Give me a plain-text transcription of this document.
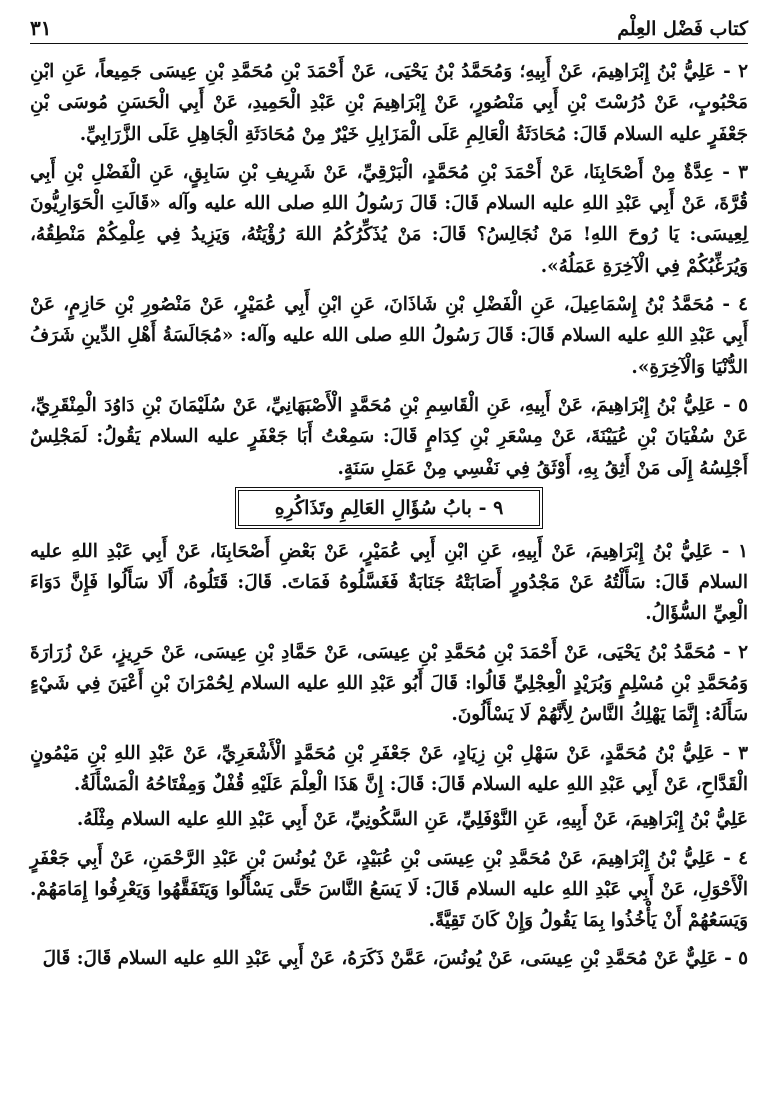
كتاب فَضْل العِلْم
٣١

٢ - عَلِيُّ بْنُ إِبْرَاهِيمَ، عَنْ أَبِيهِ؛ وَمُحَمَّدُ بْنُ يَحْيَى، عَنْ أَحْمَدَ بْنِ مُحَمَّدِ بْنِ عِيسَى جَمِيعاً، عَنِ ابْنِ مَحْبُوبٍ، عَنْ دُرُسْتَ بْنِ أَبِي مَنْصُورٍ، عَنْ إِبْرَاهِيمَ بْنِ عَبْدِ الْحَمِيدِ، عَنْ أَبِي الْحَسَنِ مُوسَى بْنِ جَعْفَرٍ عليه السلام قَالَ: مُحَادَثَةُ الْعَالِمِ عَلَى الْمَزَابِلِ خَيْرٌ مِنْ مُحَادَثَةِ الْجَاهِلِ عَلَى الزَّرَابِيِّ.

٣ - عِدَّةٌ مِنْ أَصْحَابِنَا، عَنْ أَحْمَدَ بْنِ مُحَمَّدٍ، الْبَرْقِيِّ، عَنْ شَرِيفِ بْنِ سَابِقٍ، عَنِ الْفَضْلِ بْنِ أَبِي قُرَّةَ، عَنْ أَبِي عَبْدِ اللهِ عليه السلام قَالَ: قَالَ رَسُولُ اللهِ صلى الله عليه وآله «قَالَتِ الْحَوَارِيُّونَ لِعِيسَى: يَا رُوحَ اللهِ! مَنْ نُجَالِسُ؟ قَالَ: مَنْ يُذَكِّرُكُمُ اللهَ رُؤْيَتُهُ، وَيَزِيدُ فِي عِلْمِكُمْ مَنْطِقُهُ، وَيُرَغِّبُكُمْ فِي الْآخِرَةِ عَمَلُهُ».

٤ - مُحَمَّدُ بْنُ إِسْمَاعِيلَ، عَنِ الْفَضْلِ بْنِ شَاذَانَ، عَنِ ابْنِ أَبِي عُمَيْرٍ، عَنْ مَنْصُورِ بْنِ حَازِمٍ، عَنْ أَبِي عَبْدِ اللهِ عليه السلام قَالَ: قَالَ رَسُولُ اللهِ صلى الله عليه وآله: «مُجَالَسَةُ أَهْلِ الدِّينِ شَرَفُ الدُّنْيَا وَالْآخِرَةِ».

٥ - عَلِيُّ بْنُ إِبْرَاهِيمَ، عَنْ أَبِيهِ، عَنِ الْقَاسِمِ بْنِ مُحَمَّدٍ الْأَصْبَهَانِيِّ، عَنْ سُلَيْمَانَ بْنِ دَاوُدَ الْمِنْقَرِيِّ، عَنْ سُفْيَانَ بْنِ عُيَيْنَةَ، عَنْ مِسْعَرِ بْنِ كِدَامٍ قَالَ: سَمِعْتُ أَبَا جَعْفَرٍ عليه السلام يَقُولُ: لَمَجْلِسٌ أَجْلِسُهُ إِلَى مَنْ أَثِقُ بِهِ، أَوْثَقُ فِي نَفْسِي مِنْ عَمَلِ سَنَةٍ.

٩ - بابُ سُؤَالِ العَالِمِ وتَذَاكُرِهِ

١ - عَلِيُّ بْنُ إِبْرَاهِيمَ، عَنْ أَبِيهِ، عَنِ ابْنِ أَبِي عُمَيْرٍ، عَنْ بَعْضِ أَصْحَابِنَا، عَنْ أَبِي عَبْدِ اللهِ عليه السلام قَالَ: سَأَلْتُهُ عَنْ مَجْدُورٍ أَصَابَتْهُ جَنَابَةٌ فَغَسَّلُوهُ فَمَاتَ. قَالَ: قَتَلُوهُ، أَلَا سَأَلُوا فَإِنَّ دَوَاءَ الْعِيِّ السُّؤَالُ.

٢ - مُحَمَّدُ بْنُ يَحْيَى، عَنْ أَحْمَدَ بْنِ مُحَمَّدِ بْنِ عِيسَى، عَنْ حَمَّادِ بْنِ عِيسَى، عَنْ حَرِيزٍ، عَنْ زُرَارَةَ وَمُحَمَّدِ بْنِ مُسْلِمٍ وَبُرَيْدٍ الْعِجْلِيِّ قَالُوا: قَالَ أَبُو عَبْدِ اللهِ عليه السلام لِحُمْرَانَ بْنِ أَعْيَنَ فِي شَيْءٍ سَأَلَهُ: إِنَّمَا يَهْلِكُ النَّاسُ لِأَنَّهُمْ لَا يَسْأَلُونَ.

٣ - عَلِيُّ بْنُ مُحَمَّدٍ، عَنْ سَهْلِ بْنِ زِيَادٍ، عَنْ جَعْفَرِ بْنِ مُحَمَّدٍ الْأَشْعَرِيِّ، عَنْ عَبْدِ اللهِ بْنِ مَيْمُونٍ الْقَدَّاحِ، عَنْ أَبِي عَبْدِ اللهِ عليه السلام قَالَ: قَالَ: إِنَّ هَذَا الْعِلْمَ عَلَيْهِ قُفْلٌ وَمِفْتَاحُهُ الْمَسْأَلَةُ.

عَلِيُّ بْنُ إِبْرَاهِيمَ، عَنْ أَبِيهِ، عَنِ النَّوْفَلِيِّ، عَنِ السَّكُونِيِّ، عَنْ أَبِي عَبْدِ اللهِ عليه السلام مِثْلَهُ.

٤ - عَلِيُّ بْنُ إِبْرَاهِيمَ، عَنْ مُحَمَّدِ بْنِ عِيسَى بْنِ عُبَيْدٍ، عَنْ يُونُسَ بْنِ عَبْدِ الرَّحْمَنِ، عَنْ أَبِي جَعْفَرٍ الْأَحْوَلِ، عَنْ أَبِي عَبْدِ اللهِ عليه السلام قَالَ: لَا يَسَعُ النَّاسَ حَتَّى يَسْأَلُوا وَيَتَفَقَّهُوا وَيَعْرِفُوا إِمَامَهُمْ. وَيَسَعُهُمْ أَنْ يَأْخُذُوا بِمَا يَقُولُ وَإِنْ كَانَ تَقِيَّةً.

٥ - عَلِيٌّ عَنْ مُحَمَّدِ بْنِ عِيسَى، عَنْ يُونُسَ، عَمَّنْ ذَكَرَهُ، عَنْ أَبِي عَبْدِ اللهِ عليه السلام قَالَ: قَالَ
